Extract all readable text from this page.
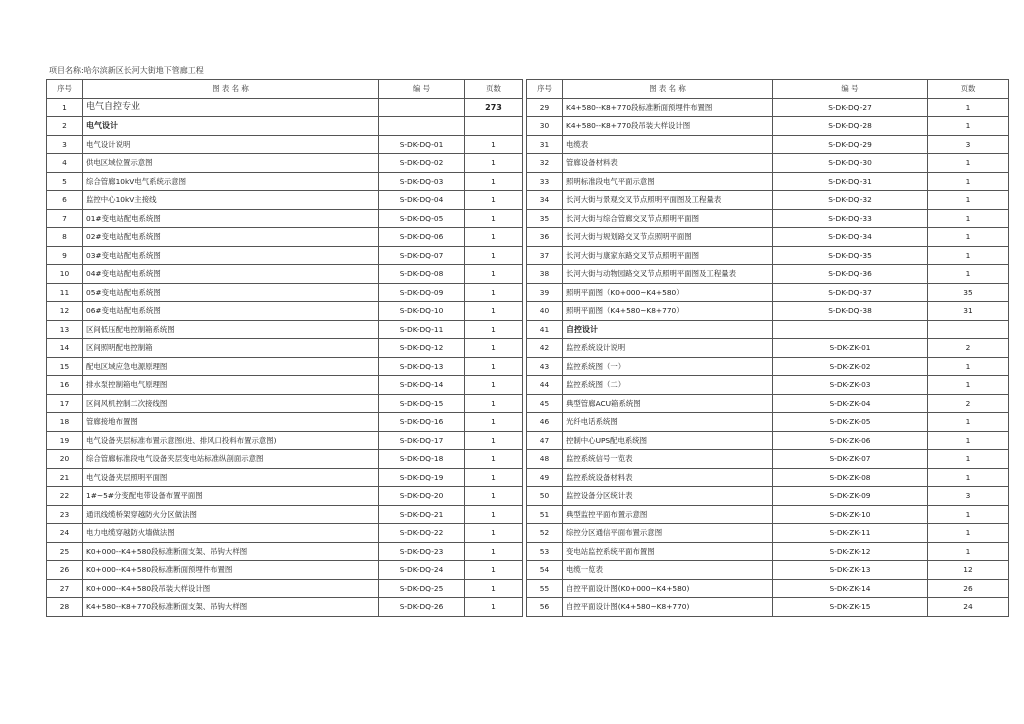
项目名称:哈尔滨新区长河大街地下管廊工程
序号	图 表 名 称	编 号	页数
1	电气自控专业		273
2	电气设计		
3	电气设计说明	S-DK-DQ-01	1
4	供电区域位置示意图	S-DK-DQ-02	1
5	综合管廊10kV电气系统示意图	S-DK-DQ-03	1
6	监控中心10kV主接线	S-DK-DQ-04	1
7	01#变电站配电系统图	S-DK-DQ-05	1
8	02#变电站配电系统图	S-DK-DQ-06	1
9	03#变电站配电系统图	S-DK-DQ-07	1
10	04#变电站配电系统图	S-DK-DQ-08	1
11	05#变电站配电系统图	S-DK-DQ-09	1
12	06#变电站配电系统图	S-DK-DQ-10	1
13	区间低压配电控制箱系统图	S-DK-DQ-11	1
14	区间照明配电控制箱	S-DK-DQ-12	1
15	配电区域应急电源原理图	S-DK-DQ-13	1
16	排水泵控制箱电气原理图	S-DK-DQ-14	1
17	区间风机控制二次接线图	S-DK-DQ-15	1
18	管廊接地布置图	S-DK-DQ-16	1
19	电气设备夹层标准布置示意图(进、排风口投料布置示意图)	S-DK-DQ-17	1
20	综合管廊标准段电气设备夹层变电站标准纵剖面示意图	S-DK-DQ-18	1
21	电气设备夹层照明平面图	S-DK-DQ-19	1
22	1#~5#分变配电带设备布置平面图	S-DK-DQ-20	1
23	通讯线缆桥架穿越防火分区做法图	S-DK-DQ-21	1
24	电力电缆穿越防火墙做法图	S-DK-DQ-22	1
25	K0+000--K4+580段标准断面支架、吊钩大样图	S-DK-DQ-23	1
26	K0+000--K4+580段标准断面预埋件布置图	S-DK-DQ-24	1
27	K0+000--K4+580段吊装大样设计图	S-DK-DQ-25	1
28	K4+580--K8+770段标准断面支架、吊钩大样图	S-DK-DQ-26	1
序号	图 表 名 称	编 号	页数
29	K4+580--K8+770段标准断面预埋件布置图	S-DK-DQ-27	1
30	K4+580--K8+770段吊装大样设计图	S-DK-DQ-28	1
31	电缆表	S-DK-DQ-29	3
32	管廊设备材料表	S-DK-DQ-30	1
33	照明标准段电气平面示意图	S-DK-DQ-31	1
34	长河大街与景观交叉节点照明平面图及工程量表	S-DK-DQ-32	1
35	长河大街与综合管廊交叉节点照明平面图	S-DK-DQ-33	1
36	长河大街与规划路交叉节点照明平面图	S-DK-DQ-34	1
37	长河大街与康家东路交叉节点照明平面图	S-DK-DQ-35	1
38	长河大街与动物园路交叉节点照明平面图及工程量表	S-DK-DQ-36	1
39	照明平面图（K0+000~K4+580）	S-DK-DQ-37	35
40	照明平面图（K4+580~K8+770）	S-DK-DQ-38	31
41	自控设计		
42	监控系统设计说明	S-DK-ZK-01	2
43	监控系统图（一）	S-DK-ZK-02	1
44	监控系统图（二）	S-DK-ZK-03	1
45	典型管廊ACU箱系统图	S-DK-ZK-04	2
46	光纤电话系统图	S-DK-ZK-05	1
47	控制中心UPS配电系统图	S-DK-ZK-06	1
48	监控系统信号一览表	S-DK-ZK-07	1
49	监控系统设备材料表	S-DK-ZK-08	1
50	监控设备分区统计表	S-DK-ZK-09	3
51	典型监控平面布置示意图	S-DK-ZK-10	1
52	综控分区通信平面布置示意图	S-DK-ZK-11	1
53	变电站监控系统平面布置图	S-DK-ZK-12	1
54	电缆一览表	S-DK-ZK-13	12
55	自控平面设计图(K0+000~K4+580)	S-DK-ZK-14	26
56	自控平面设计图(K4+580~K8+770)	S-DK-ZK-15	24
